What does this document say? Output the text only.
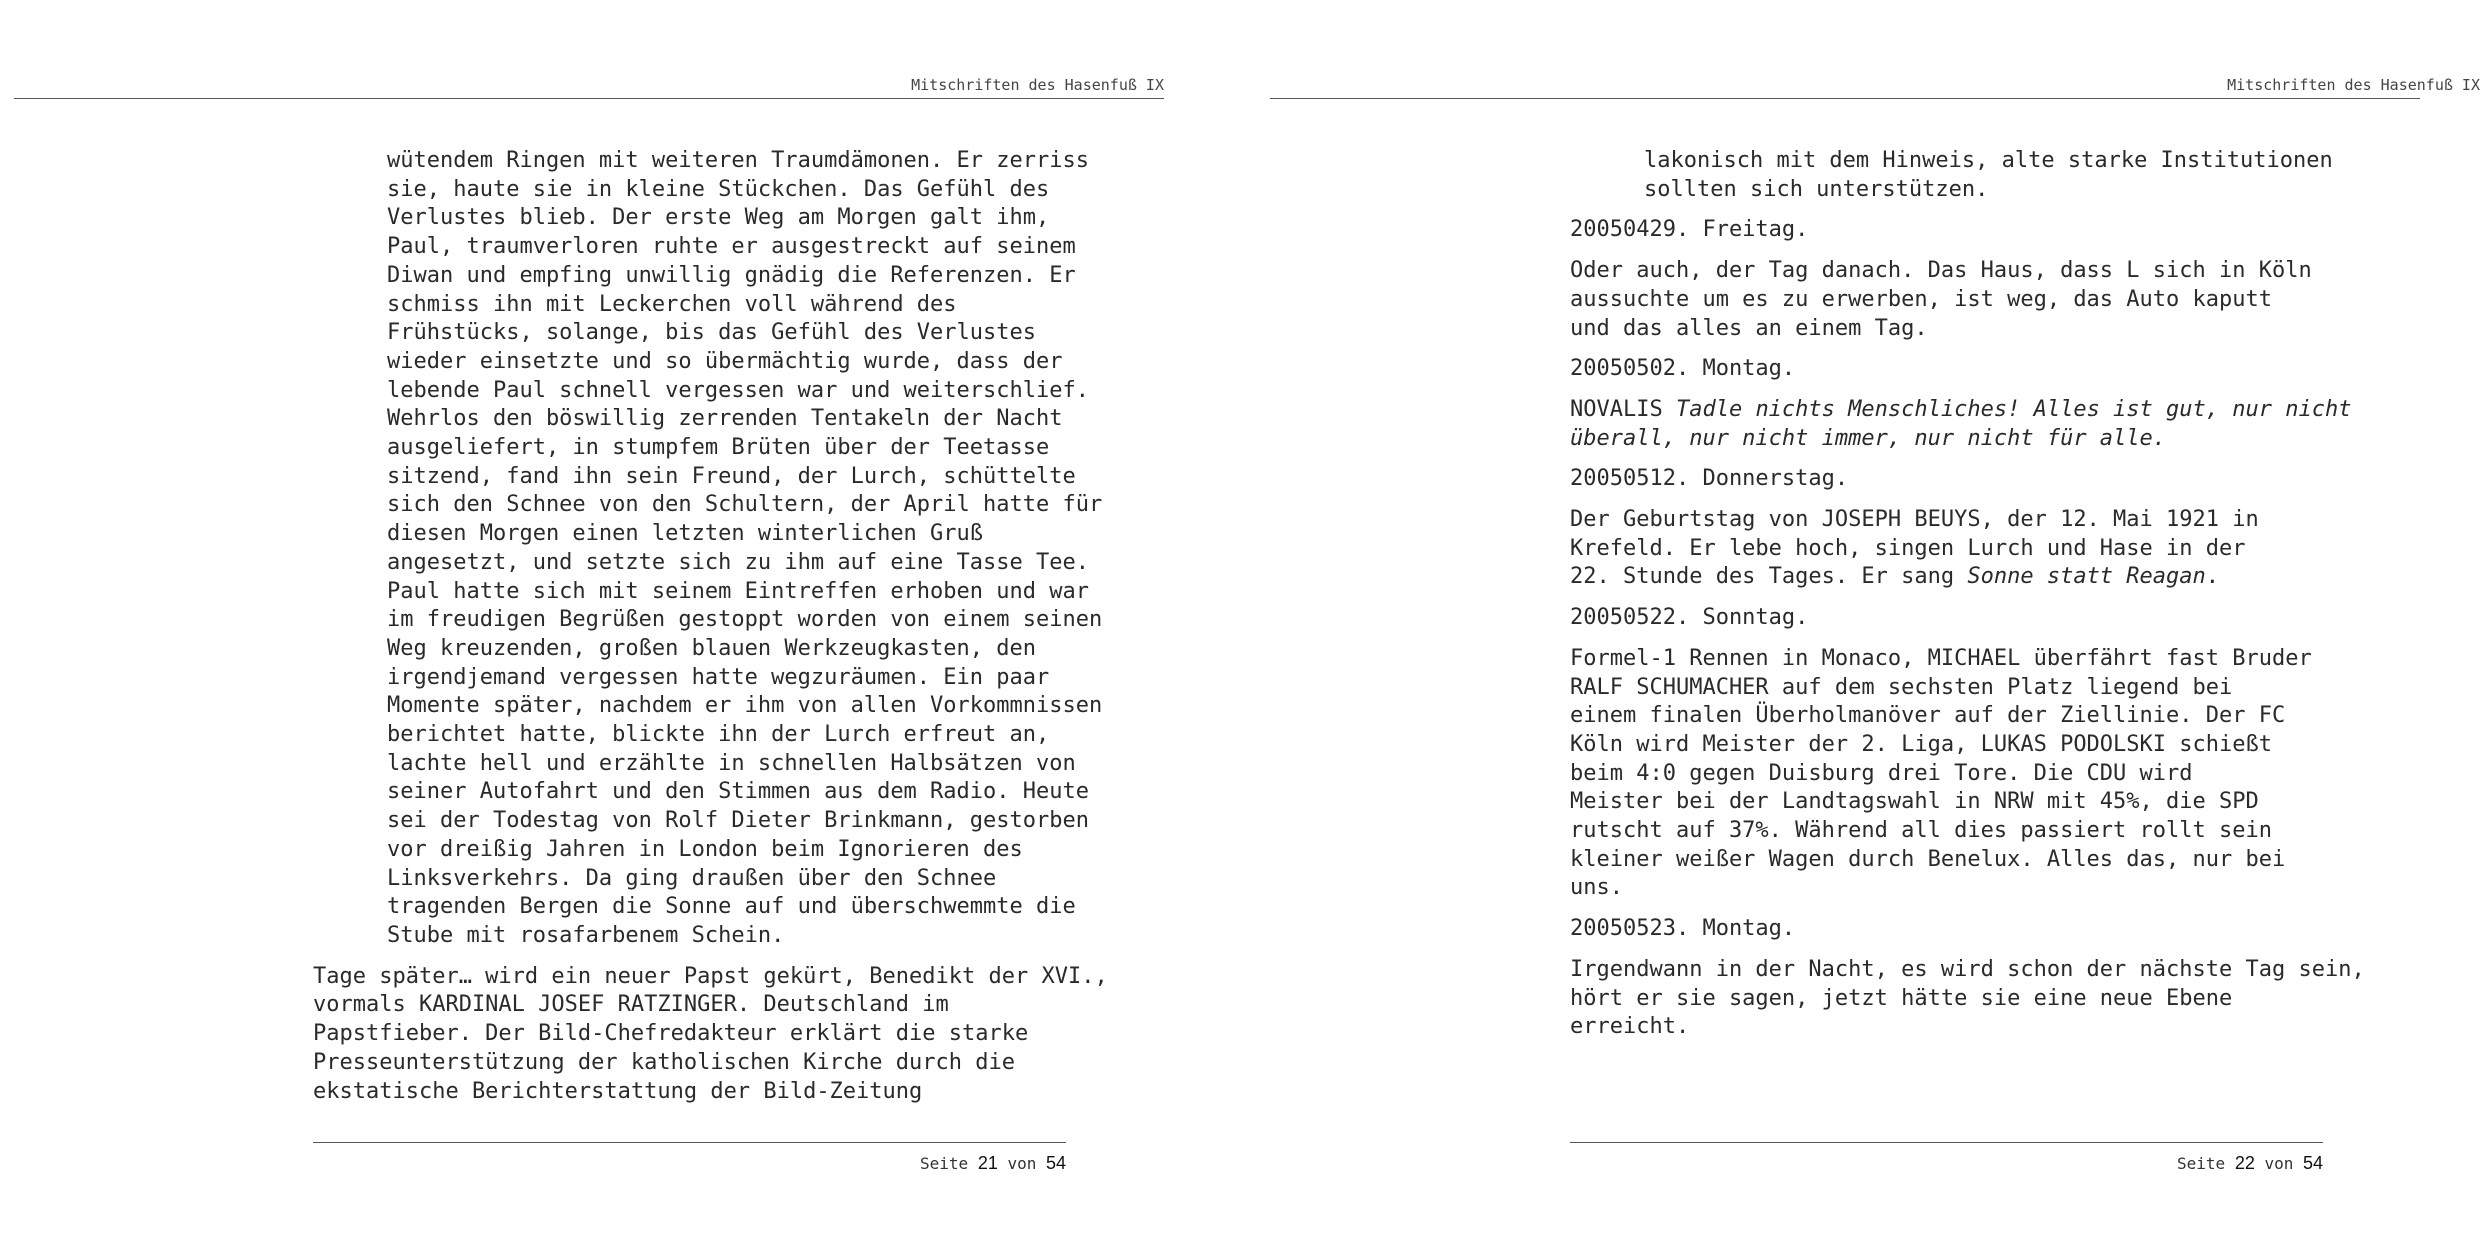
Mitschriften des Hasenfuß IX

wütendem Ringen mit weiteren Traumdämonen. Er zerriss
sie, haute sie in kleine Stückchen. Das Gefühl des
Verlustes blieb. Der erste Weg am Morgen galt ihm,
Paul, traumverloren ruhte er ausgestreckt auf seinem
Diwan und empfing unwillig gnädig die Referenzen. Er
schmiss ihn mit Leckerchen voll während des
Frühstücks, solange, bis das Gefühl des Verlustes
wieder einsetzte und so übermächtig wurde, dass der
lebende Paul schnell vergessen war und weiterschlief.
Wehrlos den böswillig zerrenden Tentakeln der Nacht
ausgeliefert, in stumpfem Brüten über der Teetasse
sitzend, fand ihn sein Freund, der Lurch, schüttelte
sich den Schnee von den Schultern, der April hatte für
diesen Morgen einen letzten winterlichen Gruß
angesetzt, und setzte sich zu ihm auf eine Tasse Tee.
Paul hatte sich mit seinem Eintreffen erhoben und war
im freudigen Begrüßen gestoppt worden von einem seinen
Weg kreuzenden, großen blauen Werkzeugkasten, den
irgendjemand vergessen hatte wegzuräumen. Ein paar
Momente später, nachdem er ihm von allen Vorkommnissen
berichtet hatte, blickte ihn der Lurch erfreut an,
lachte hell und erzählte in schnellen Halbsätzen von
seiner Autofahrt und den Stimmen aus dem Radio. Heute
sei der Todestag von Rolf Dieter Brinkmann, gestorben
vor dreißig Jahren in London beim Ignorieren des
Linksverkehrs. Da ging draußen über den Schnee
tragenden Bergen die Sonne auf und überschwemmte die
Stube mit rosafarbenem Schein.

Tage später… wird ein neuer Papst gekürt, Benedikt der XVI.,
vormals KARDINAL JOSEF RATZINGER. Deutschland im
Papstfieber. Der Bild-Chefredakteur erklärt die starke
Presseunterstützung der katholischen Kirche durch die
ekstatische Berichterstattung der Bild-Zeitung

Seite 21 von 54
Mitschriften des Hasenfuß IX

lakonisch mit dem Hinweis, alte starke Institutionen
sollten sich unterstützen.

20050429. Freitag.

Oder auch, der Tag danach. Das Haus, dass L sich in Köln
aussuchte um es zu erwerben, ist weg, das Auto kaputt
und das alles an einem Tag.

20050502. Montag.

NOVALIS Tadle nichts Menschliches! Alles ist gut, nur nicht
überall, nur nicht immer, nur nicht für alle.

20050512. Donnerstag.

Der Geburtstag von JOSEPH BEUYS, der 12. Mai 1921 in
Krefeld. Er lebe hoch, singen Lurch und Hase in der
22. Stunde des Tages. Er sang Sonne statt Reagan.

20050522. Sonntag.

Formel-1 Rennen in Monaco, MICHAEL überfährt fast Bruder
RALF SCHUMACHER auf dem sechsten Platz liegend bei
einem finalen Überholmanöver auf der Ziellinie. Der FC
Köln wird Meister der 2. Liga, LUKAS PODOLSKI schießt
beim 4:0 gegen Duisburg drei Tore. Die CDU wird
Meister bei der Landtagswahl in NRW mit 45%, die SPD
rutscht auf 37%. Während all dies passiert rollt sein
kleiner weißer Wagen durch Benelux. Alles das, nur bei
uns.

20050523. Montag.

Irgendwann in der Nacht, es wird schon der nächste Tag sein,
hört er sie sagen, jetzt hätte sie eine neue Ebene
erreicht.

Seite 22 von 54
